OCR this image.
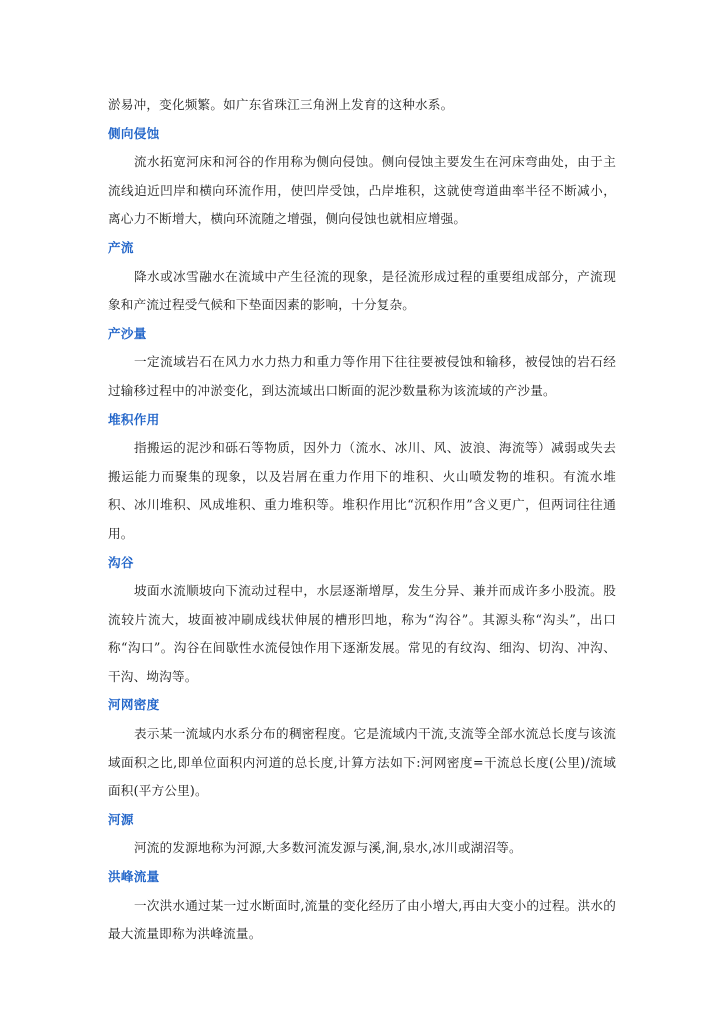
淤易冲，变化频繁。如广东省珠江三角洲上发育的这种水系。

侧向侵蚀

流水拓宽河床和河谷的作用称为侧向侵蚀。侧向侵蚀主要发生在河床弯曲处，由于主流线迫近凹岸和横向环流作用，使凹岸受蚀，凸岸堆积，这就使弯道曲率半径不断减小，离心力不断增大，横向环流随之增强，侧向侵蚀也就相应增强。

产流

降水或冰雪融水在流域中产生径流的现象，是径流形成过程的重要组成部分，产流现象和产流过程受气候和下垫面因素的影响，十分复杂。

产沙量

一定流域岩石在风力水力热力和重力等作用下往往要被侵蚀和输移，被侵蚀的岩石经过输移过程中的冲淤变化，到达流域出口断面的泥沙数量称为该流域的产沙量。

堆积作用

指搬运的泥沙和砾石等物质，因外力（流水、冰川、风、波浪、海流等）减弱或失去搬运能力而聚集的现象，以及岩屑在重力作用下的堆积、火山喷发物的堆积。有流水堆积、冰川堆积、风成堆积、重力堆积等。堆积作用比“沉积作用”含义更广，但两词往往通用。

沟谷

坡面水流顺坡向下流动过程中，水层逐渐增厚，发生分异、兼并而成许多小股流。股流较片流大，坡面被冲刷成线状伸展的槽形凹地，称为“沟谷”。其源头称“沟头”，出口称“沟口”。沟谷在间歇性水流侵蚀作用下逐渐发展。常见的有纹沟、细沟、切沟、冲沟、干沟、坳沟等。

河网密度

表示某一流域内水系分布的稠密程度。它是流域内干流,支流等全部水流总长度与该流域面积之比,即单位面积内河道的总长度,计算方法如下:河网密度=干流总长度(公里)/流域面积(平方公里)。

河源

河流的发源地称为河源,大多数河流发源与溪,涧,泉水,冰川或湖沼等。

洪峰流量

一次洪水通过某一过水断面时,流量的变化经历了由小增大,再由大变小的过程。洪水的最大流量即称为洪峰流量。
